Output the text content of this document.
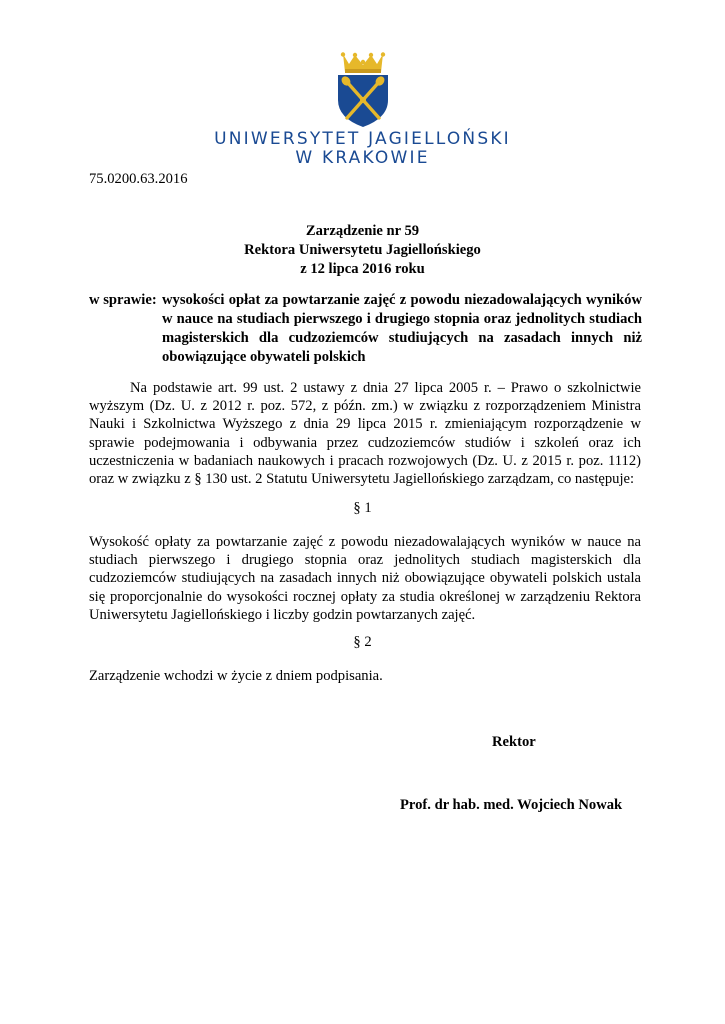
UNIWERSYTET JAGIELLOŃSKI
W KRAKOWIE
75.0200.63.2016
Zarządzenie nr 59
Rektora Uniwersytetu Jagiellońskiego
z 12 lipca 2016 roku
w sprawie: wysokości opłat za powtarzanie zajęć z powodu niezadowalających wyników w nauce na studiach pierwszego i drugiego stopnia oraz jednolitych studiach magisterskich dla cudzoziemców studiujących na zasadach innych niż obowiązujące obywateli polskich
Na podstawie art. 99 ust. 2 ustawy z dnia 27 lipca 2005 r. – Prawo o szkolnictwie wyższym (Dz. U. z 2012 r. poz. 572, z późn. zm.) w związku z rozporządzeniem Ministra Nauki i Szkolnictwa Wyższego z dnia 29 lipca 2015 r. zmieniającym rozporządzenie w sprawie podejmowania i odbywania przez cudzoziemców studiów i szkoleń oraz ich uczestniczenia w badaniach naukowych i pracach rozwojowych (Dz. U. z 2015 r. poz. 1112) oraz w związku z § 130 ust. 2 Statutu Uniwersytetu Jagiellońskiego zarządzam, co następuje:
§ 1
Wysokość opłaty za powtarzanie zajęć z powodu niezadowalających wyników w nauce na studiach pierwszego i drugiego stopnia oraz jednolitych studiach magisterskich dla cudzoziemców studiujących na zasadach innych niż obowiązujące obywateli polskich ustala się proporcjonalnie do wysokości rocznej opłaty za studia określonej w zarządzeniu Rektora Uniwersytetu Jagiellońskiego i liczby godzin powtarzanych zajęć.
§ 2
Zarządzenie wchodzi w życie z dniem podpisania.
Rektor
Prof. dr hab. med. Wojciech Nowak
